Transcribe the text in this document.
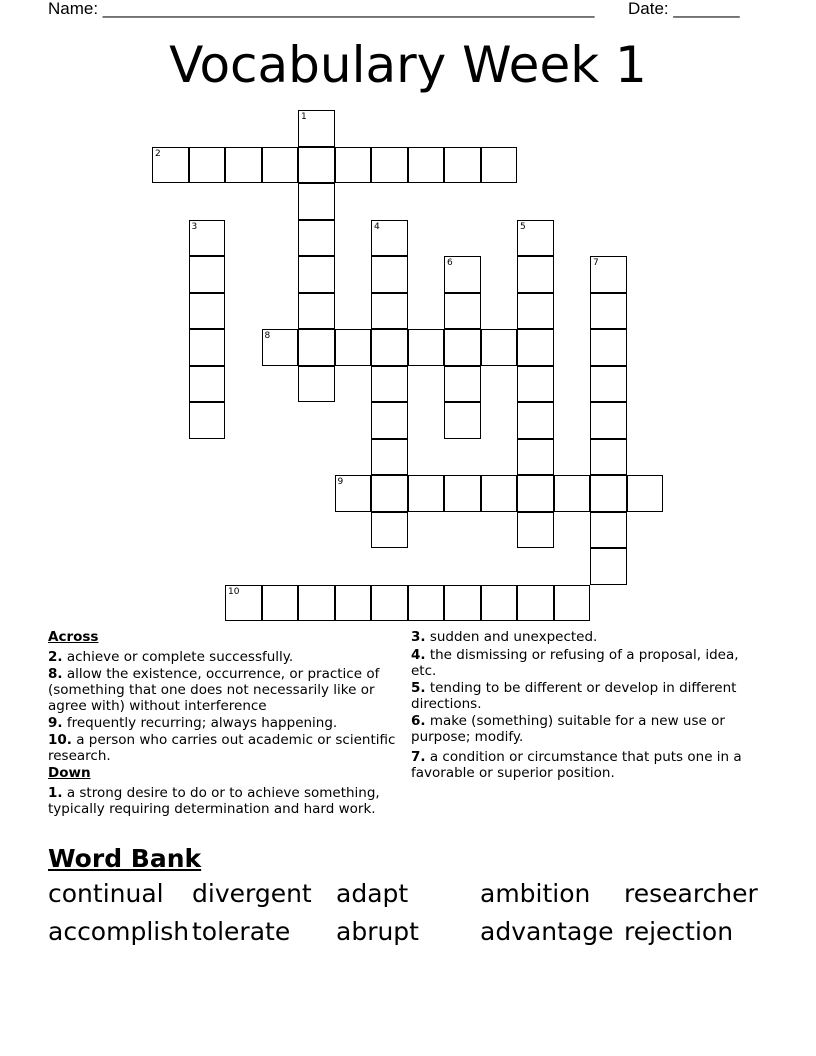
Name: ____________________________________________________ Date: _______
Vocabulary Week 1
1
2
3	4	5
6	7
8
9
10
Across
2. achieve or complete successfully.
8. allow the existence, occurrence, or practice of (something that one does not necessarily like or agree with) without interference
9. frequently recurring; always happening.
10. a person who carries out academic or scientific research.
Down
1. a strong desire to do or to achieve something, typically requiring determination and hard work.
3. sudden and unexpected.
4. the dismissing or refusing of a proposal, idea, etc.
5. tending to be different or develop in different directions.
6. make (something) suitable for a new use or purpose; modify.
7. a condition or circumstance that puts one in a favorable or superior position.
Word Bank
continual	divergent adapt	ambition	researcher
accomplish tolerate	abrupt	advantage rejection
